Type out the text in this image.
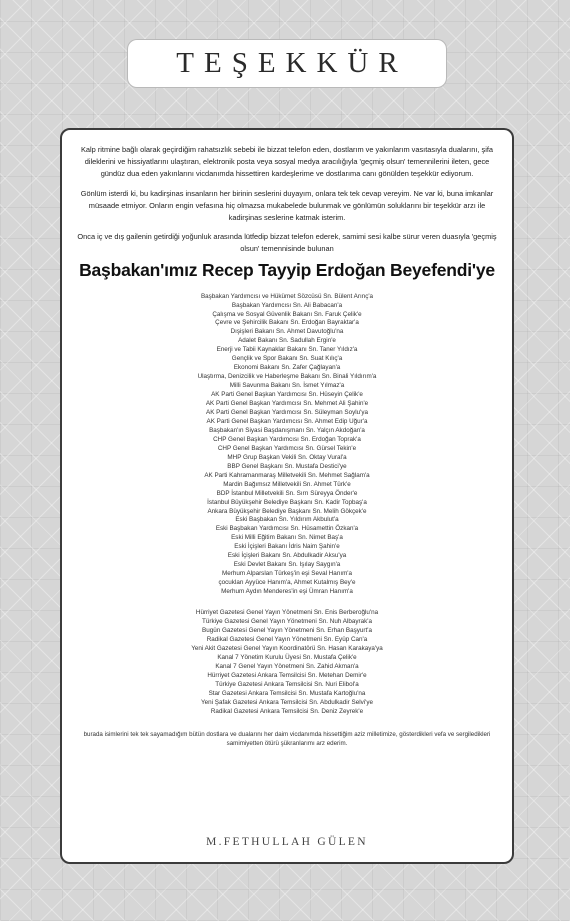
TEŞEKKÜR

Kalp ritmine bağlı olarak geçirdiğim rahatsızlık sebebi ile bizzat telefon eden, dostlarım ve yakınlarım vasıtasıyla dualarını, şifa dileklerini ve hissiyatlarını ulaştıran, elektronik posta veya sosyal medya aracılığıyla 'geçmiş olsun' temennilerini ileten, gece gündüz dua eden yakınlarını vicdanımda hissettiren kardeşlerime ve dostlarıma canı gönülden teşekkür ediyorum.

Gönlüm isterdi ki, bu kadirşinas insanların her birinin seslerini duyayım, onlara tek tek cevap vereyim. Ne var ki, buna imkanlar müsaade etmiyor. Onların engin vefasına hiç olmazsa mukabelede bulunmak ve gönlümün soluklarını bir teşekkür arzı ile kadirşinas seslerine katmak isterim.

Onca iç ve dış gailenin getirdiği yoğunluk arasında lütfedip bizzat telefon ederek, samimi sesi kalbe sürur veren duasıyla 'geçmiş olsun' temennisinde bulunan

Başbakan'ımız Recep Tayyip Erdoğan Beyefendi'ye
Başbakan Yardımcısı ve Hükümet Sözcüsü Sn. Bülent Arınç'a
Başbakan Yardımcısı Sn. Ali Babacan'a
Çalışma ve Sosyal Güvenlik Bakanı Sn. Faruk Çelik'e
Çevre ve Şehircilik Bakanı Sn. Erdoğan Bayraktar'a
Dışişleri Bakanı Sn. Ahmet Davutoğlu'na
Adalet Bakanı Sn. Sadullah Ergin'e
Enerji ve Tabii Kaynaklar Bakanı Sn. Taner Yıldız'a
Gençlik ve Spor Bakanı Sn. Suat Kılıç'a
Ekonomi Bakanı Sn. Zafer Çağlayan'a
Ulaştırma, Denizcilik ve Haberleşme Bakanı Sn. Binali Yıldırım'a
Milli Savunma Bakanı Sn. İsmet Yılmaz'a
AK Parti Genel Başkan Yardımcısı Sn. Hüseyin Çelik'e
AK Parti Genel Başkan Yardımcısı Sn. Mehmet Ali Şahin'e
AK Parti Genel Başkan Yardımcısı Sn. Süleyman Soylu'ya
AK Parti Genel Başkan Yardımcısı Sn. Ahmet Edip Uğur'a
Başbakan'ın Siyasi Başdanışmanı Sn. Yalçın Akdoğan'a
CHP Genel Başkan Yardımcısı Sn. Erdoğan Toprak'a
CHP Genel Başkan Yardımcısı Sn. Gürsel Tekin'e
MHP Grup Başkan Vekili Sn. Oktay Vural'a
BBP Genel Başkanı Sn. Mustafa Destici'ye
AK Parti Kahramanmaraş Milletvekili Sn. Mehmet Sağlam'a
Mardin Bağımsız Milletvekili Sn. Ahmet Türk'e
BDP İstanbul Milletvekili Sn. Sırrı Süreyya Önder'e
İstanbul Büyükşehir Belediye Başkanı Sn. Kadir Topbaş'a
Ankara Büyükşehir Belediye Başkanı Sn. Melih Gökçek'e
Eski Başbakan Sn. Yıldırım Akbulut'a
Eski Başbakan Yardımcısı Sn. Hüsamettin Özkan'a
Eski Milli Eğitim Bakanı Sn. Nimet Baş'a
Eski İçişleri Bakanı İdris Naim Şahin'e
Eski İçişleri Bakanı Sn. Abdulkadir Aksu'ya
Eski Devlet Bakanı Sn. Işılay Saygın'a
Merhum Alparslan Türkeş'in eşi Seval Hanım'a
çocukları Ayyüce Hanım'a, Ahmet Kutalmış Bey'e
Merhum Aydın Menderes'in eşi Ümran Hanım'a
Hürriyet Gazetesi Genel Yayın Yönetmeni Sn. Enis Berberoğlu'na
Türkiye Gazetesi Genel Yayın Yönetmeni Sn. Nuh Albayrak'a
Bugün Gazetesi Genel Yayın Yönetmeni Sn. Erhan Başyurt'a
Radikal Gazetesi Genel Yayın Yönetmeni Sn. Eyüp Can'a
Yeni Akit Gazetesi Genel Yayın Koordinatörü Sn. Hasan Karakaya'ya
Kanal 7 Yönetim Kurulu Üyesi Sn. Mustafa Çelik'e
Kanal 7 Genel Yayın Yönetmeni Sn. Zahid Akman'a
Hürriyet Gazetesi Ankara Temsilcisi Sn. Metehan Demir'e
Türkiye Gazetesi Ankara Temsilcisi Sn. Nuri Elibol'a
Star Gazetesi Ankara Temsilcisi Sn. Mustafa Kartoğlu'na
Yeni Şafak Gazetesi Ankara Temsilcisi Sn. Abdulkadir Selvi'ye
Radikal Gazetesi Ankara Temsilcisi Sn. Deniz Zeyrek'e

burada isimlerini tek tek sayamadığım bütün dostlara ve dualarını her daim vicdanımda hissettiğim aziz milletimize, gösterdikleri vefa ve sergiledikleri samimiyetten ötürü şükranlarımı arz ederim.

M.FETHULLAH GÜLEN
